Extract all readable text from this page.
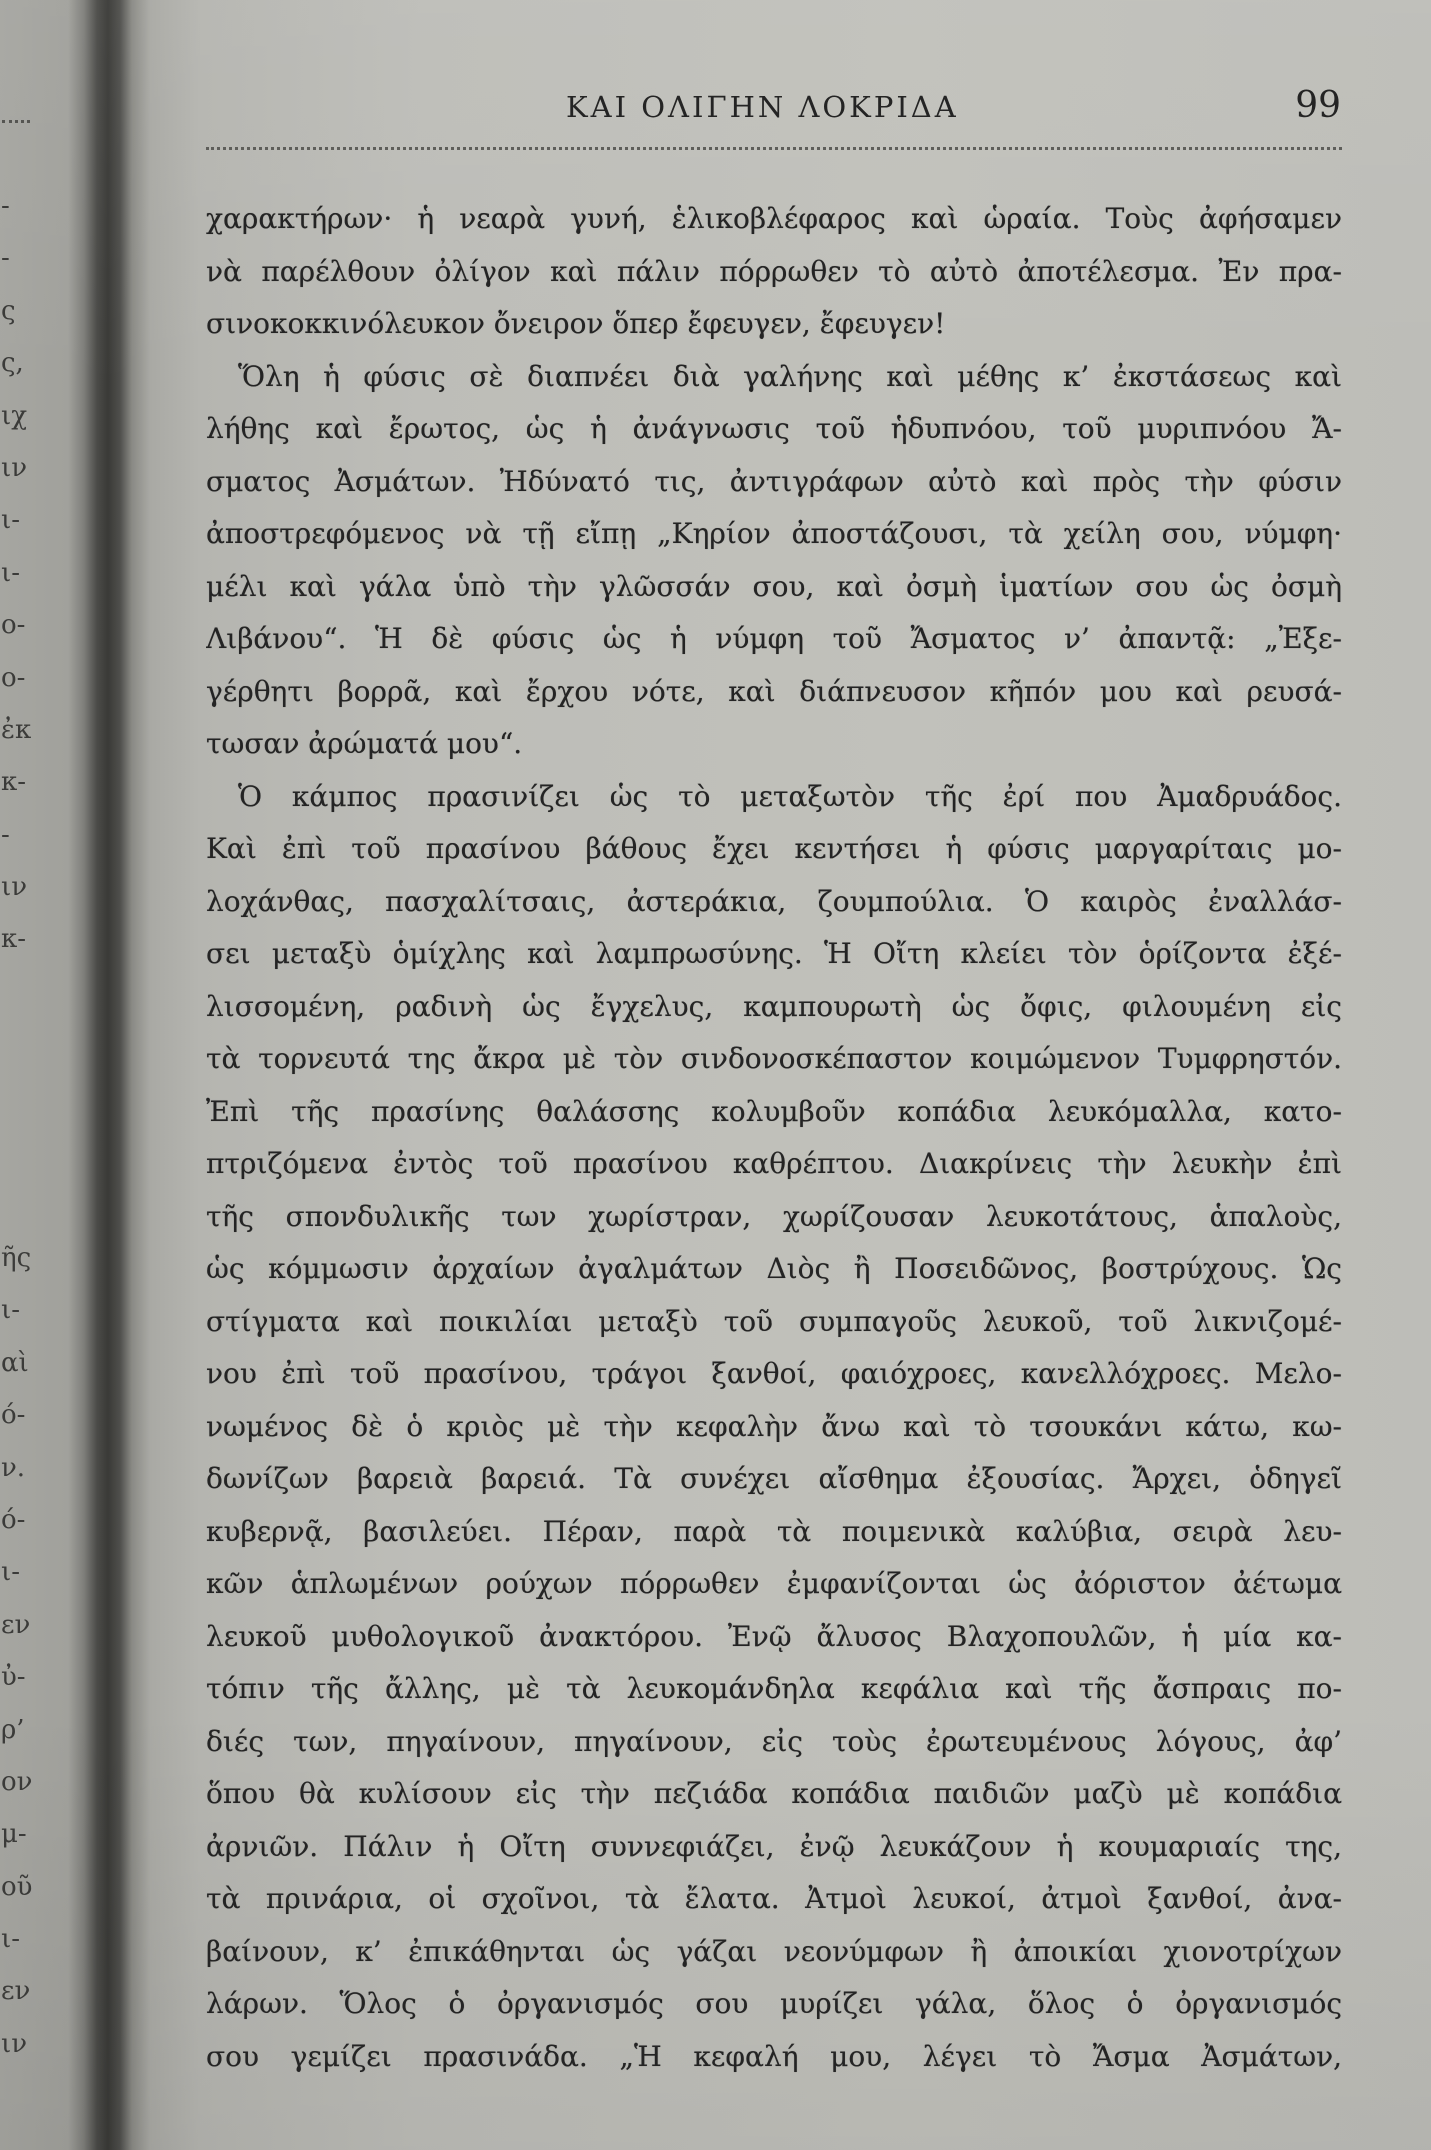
-
-
ς
ς,
ιχ
ιν
ι-
ι-
ο-
ο-
ἐκ
κ-
-
ιν
κ-
ῆς
ι-
αὶ
ό-
ν.
ό-
ι-
εν
ὐ-
ρ’
ον
μ-
οῦ
ι-
εν
ιν
ΚΑΙ ΟΛΙΓΗΝ ΛΟΚΡΙΔΑ	99
χαρακτήρων· ἡ νεαρὰ γυνή, ἑλικοβλέφαρος καὶ ὡραία. Τοὺς ἀφήσαμεν
νὰ παρέλθουν ὀλίγον καὶ πάλιν πόρρωθεν τὸ αὐτὸ ἀποτέλεσμα. Ἐν πρα-
σινοκοκκινόλευκον ὄνειρον ὅπερ ἔφευγεν, ἔφευγεν!
Ὅλη ἡ φύσις σὲ διαπνέει διὰ γαλήνης καὶ μέθης κ’ ἐκστάσεως καὶ
λήθης καὶ ἔρωτος, ὡς ἡ ἀνάγνωσις τοῦ ἡδυπνόου, τοῦ μυριπνόου Ἄ-
σματος Ἀσμάτων. Ἠδύνατό τις, ἀντιγράφων αὐτὸ καὶ πρὸς τὴν φύσιν
ἀποστρεφόμενος νὰ τῇ εἴπῃ „Κηρίον ἀποστάζουσι, τὰ χείλη σου, νύμφη·
μέλι καὶ γάλα ὑπὸ τὴν γλῶσσάν σου, καὶ ὀσμὴ ἱματίων σου ὡς ὀσμὴ
Λιβάνου“. Ἡ δὲ φύσις ὡς ἡ νύμφη τοῦ Ἄσματος ν’ ἀπαντᾷ: „Ἐξε-
γέρθητι βορρᾶ, καὶ ἔρχου νότε, καὶ διάπνευσον κῆπόν μου καὶ ρευσά-
τωσαν ἀρώματά μου“.
Ὁ κάμπος πρασινίζει ὡς τὸ μεταξωτὸν τῆς ἐρί που Ἀμαδρυάδος.
Καὶ ἐπὶ τοῦ πρασίνου βάθους ἔχει κεντήσει ἡ φύσις μαργαρίταις μο-
λοχάνθας, πασχαλίτσαις, ἀστεράκια, ζουμπούλια. Ὁ καιρὸς ἐναλλάσ-
σει μεταξὺ ὁμίχλης καὶ λαμπρωσύνης. Ἡ Οἴτη κλείει τὸν ὁρίζοντα ἐξέ-
λισσομένη, ραδινὴ ὡς ἔγχελυς, καμπουρωτὴ ὡς ὄφις, φιλουμένη εἰς
τὰ τορνευτά της ἄκρα μὲ τὸν σινδονοσκέπαστον κοιμώμενον Τυμφρηστόν.
Ἐπὶ τῆς πρασίνης θαλάσσης κολυμβοῦν κοπάδια λευκόμαλλα, κατο-
πτριζόμενα ἐντὸς τοῦ πρασίνου καθρέπτου. Διακρίνεις τὴν λευκὴν ἐπὶ
τῆς σπονδυλικῆς των χωρίστραν, χωρίζουσαν λευκοτάτους, ἁπαλοὺς,
ὡς κόμμωσιν ἀρχαίων ἀγαλμάτων Διὸς ἢ Ποσειδῶνος, βοστρύχους. Ὡς
στίγματα καὶ ποικιλίαι μεταξὺ τοῦ συμπαγοῦς λευκοῦ, τοῦ λικνιζομέ-
νου ἐπὶ τοῦ πρασίνου, τράγοι ξανθοί, φαιόχροες, κανελλόχροες. Μελο-
νωμένος δὲ ὁ κριὸς μὲ τὴν κεφαλὴν ἄνω καὶ τὸ τσουκάνι κάτω, κω-
δωνίζων βαρειὰ βαρειά. Τὰ συνέχει αἴσθημα ἐξουσίας. Ἄρχει, ὁδηγεῖ
κυβερνᾷ, βασιλεύει. Πέραν, παρὰ τὰ ποιμενικὰ καλύβια, σειρὰ λευ-
κῶν ἁπλωμένων ρούχων πόρρωθεν ἐμφανίζονται ὡς ἀόριστον ἀέτωμα
λευκοῦ μυθολογικοῦ ἀνακτόρου. Ἐνῷ ἄλυσος Βλαχοπουλῶν, ἡ μία κα-
τόπιν τῆς ἄλλης, μὲ τὰ λευκομάνδηλα κεφάλια καὶ τῆς ἄσπραις πο-
διές των, πηγαίνουν, πηγαίνουν, εἰς τοὺς ἐρωτευμένους λόγους, ἀφ’
ὅπου θὰ κυλίσουν εἰς τὴν πεζιάδα κοπάδια παιδιῶν μαζὺ μὲ κοπάδια
ἀρνιῶν. Πάλιν ἡ Οἴτη συννεφιάζει, ἐνῷ λευκάζουν ἡ κουμαριαίς της,
τὰ πρινάρια, οἱ σχοῖνοι, τὰ ἔλατα. Ἀτμοὶ λευκοί, ἀτμοὶ ξανθοί, ἀνα-
βαίνουν, κ’ ἐπικάθηνται ὡς γάζαι νεονύμφων ἢ ἀποικίαι χιονοτρίχων
λάρων. Ὅλος ὁ ὀργανισμός σου μυρίζει γάλα, ὅλος ὁ ὀργανισμός
σου γεμίζει πρασινάδα. „Ἡ κεφαλή μου, λέγει τὸ Ἄσμα Ἀσμάτων,
